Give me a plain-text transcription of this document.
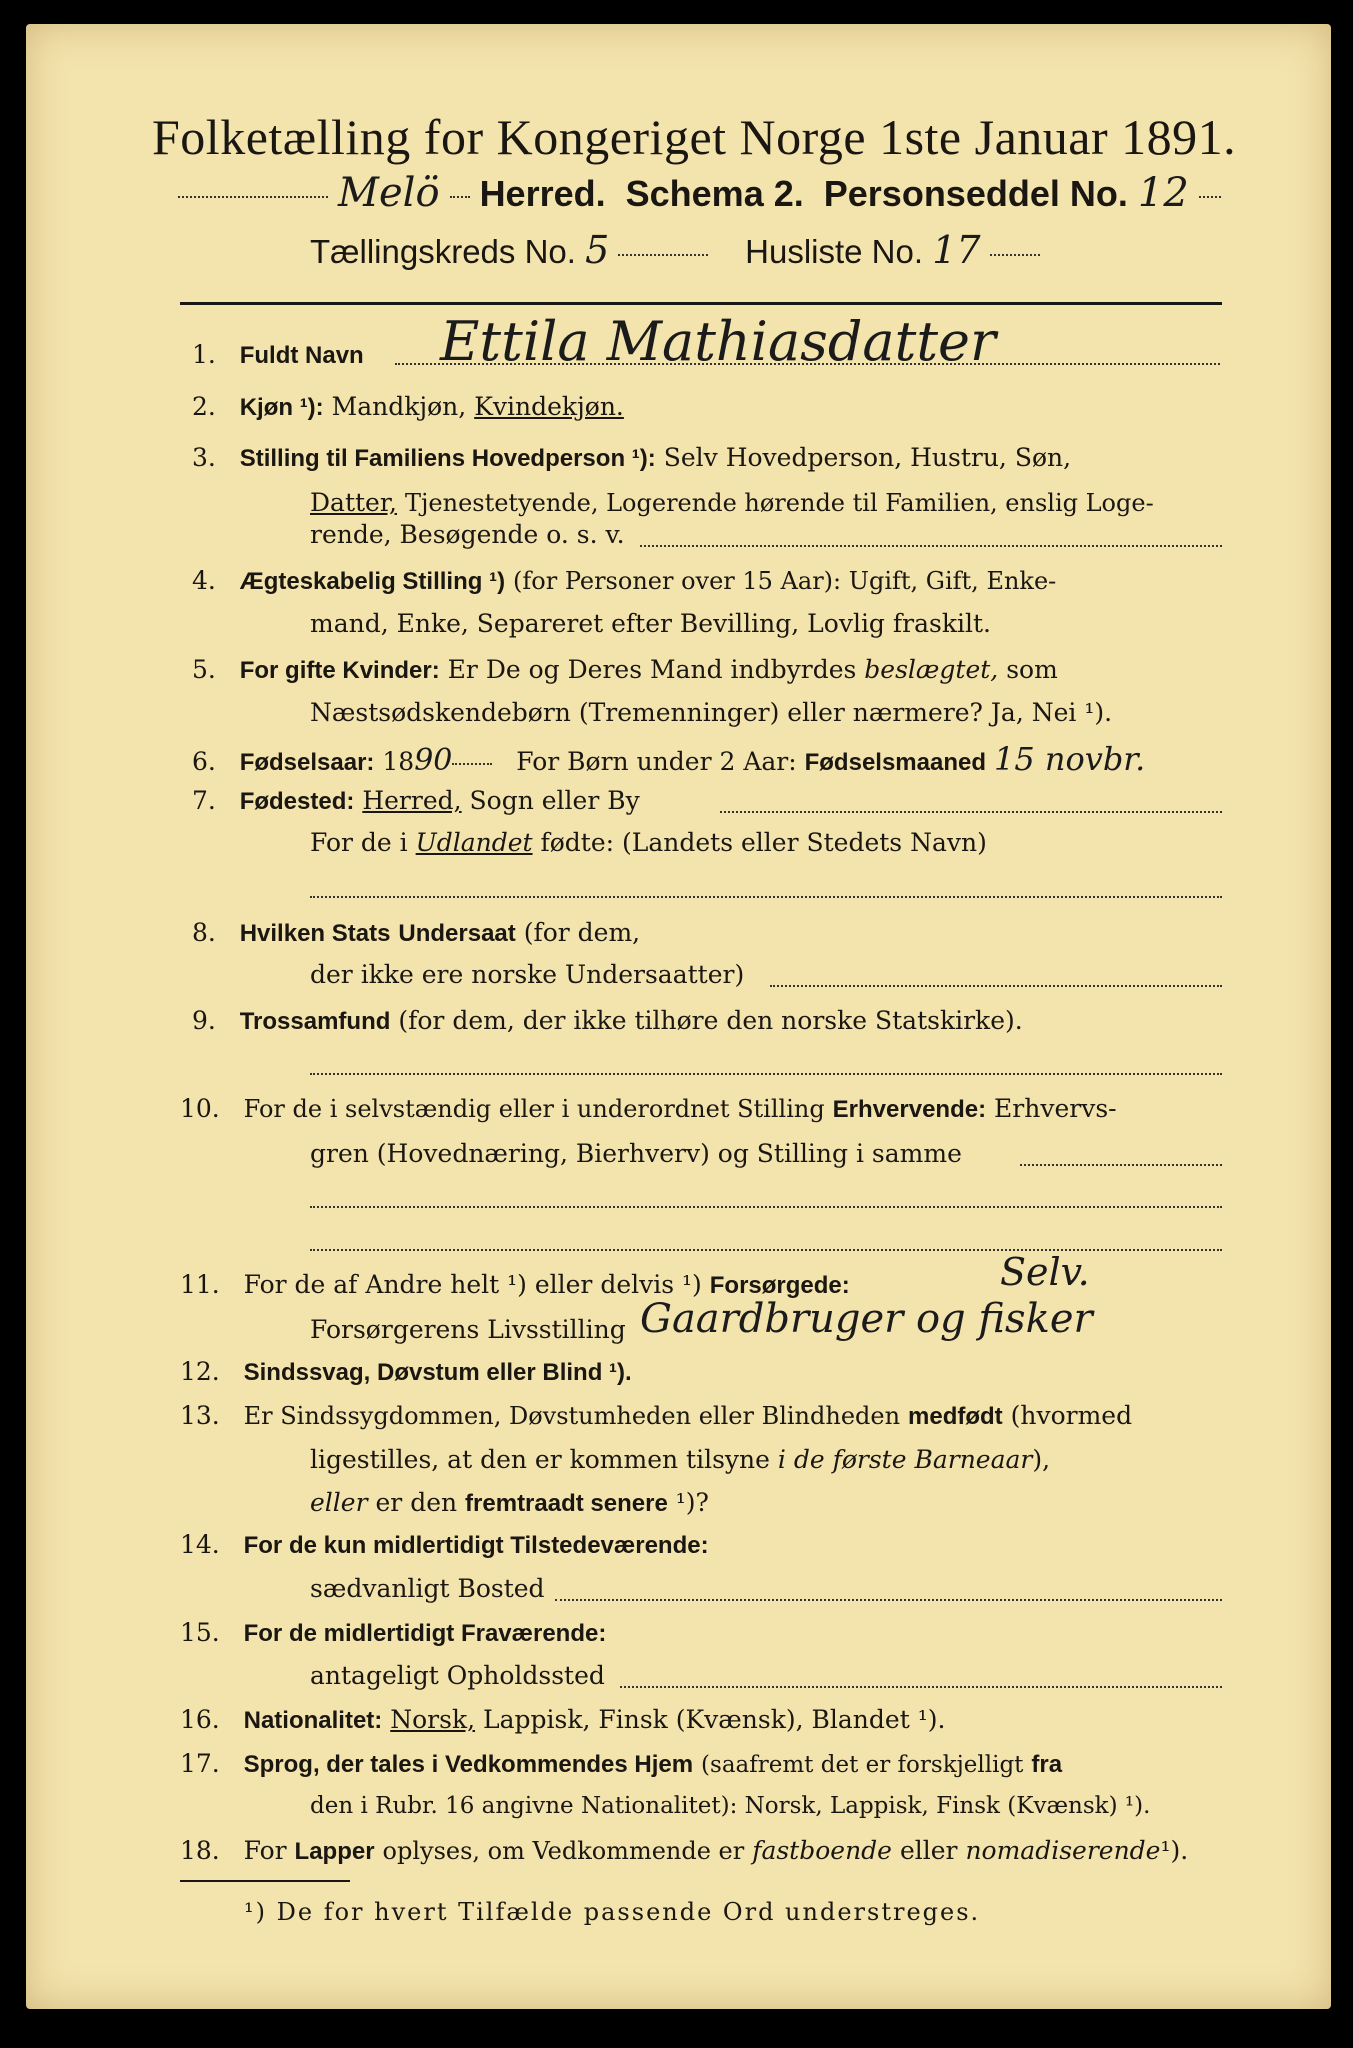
Folketælling for Kongeriget Norge 1ste Januar 1891.
Melö Herred. Schema 2. Personseddel No. 12
Tællingskreds No. 5	Husliste No. 17
1. Fuldt Navn Ettila Mathiasdatter
2. Kjøn ¹): Mandkjøn, Kvindekjøn.
3. Stilling til Familiens Hovedperson ¹): Selv Hovedperson, Hustru, Søn,
Datter, Tjenestetyende, Logerende hørende til Familien, enslig Loge-
rende, Besøgende o. s. v.
4. Ægteskabelig Stilling ¹) (for Personer over 15 Aar): Ugift, Gift, Enke-
mand, Enke, Separeret efter Bevilling, Lovlig fraskilt.
5. For gifte Kvinder: Er De og Deres Mand indbyrdes beslægtet, som
Næstsødskendebørn (Tremenninger) eller nærmere? Ja, Nei ¹).
6. Fødselsaar: 1890	For Børn under 2 Aar: Fødselsmaaned 15 novbr.
7. Fødested: Herred, Sogn eller By
For de i Udlandet fødte: (Landets eller Stedets Navn)
8. Hvilken Stats Undersaat (for dem,
der ikke ere norske Undersaatter)
9. Trossamfund (for dem, der ikke tilhøre den norske Statskirke).
10. For de i selvstændig eller i underordnet Stilling Erhvervende: Erhvervs-
gren (Hovednæring, Bierhverv) og Stilling i samme
11. For de af Andre helt ¹) eller delvis ¹) Forsørgede:	Selv.
Forsørgerens Livsstilling Gaardbruger og fisker
12. Sindssvag, Døvstum eller Blind ¹).
13. Er Sindssygdommen, Døvstumheden eller Blindheden medfødt (hvormed
ligestilles, at den er kommen tilsyne i de første Barneaar),
eller er den fremtraadt senere ¹)?
14. For de kun midlertidigt Tilstedeværende:
sædvanligt Bosted
15. For de midlertidigt Fraværende:
antageligt Opholdssted
16. Nationalitet: Norsk, Lappisk, Finsk (Kvænsk), Blandet ¹).
17. Sprog, der tales i Vedkommendes Hjem (saafremt det er forskjelligt fra
den i Rubr. 16 angivne Nationalitet): Norsk, Lappisk, Finsk (Kvænsk) ¹).
18. For Lapper oplyses, om Vedkommende er fastboende eller nomadiserende¹).
¹) De for hvert Tilfælde passende Ord understreges.
